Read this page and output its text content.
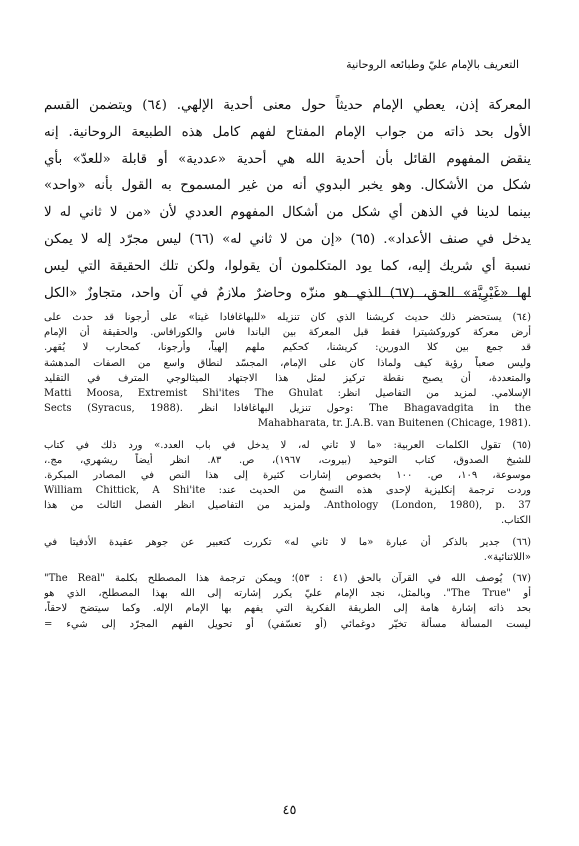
التعريف بالإمام عليّ وطبائعه الروحانية
المعركة إذن، يعطي الإمام حديثاً حول معنى أحدية الإلهي. (٦٤) ويتضمن القسم
الأول بحد ذاته من جواب الإمام المفتاح لفهم كامل هذه الطبيعة الروحانية. إنه
ينقض المفهوم القائل بأن أحدية الله هي أحدية «عددية» أو قابلة «للعدّ» بأي
شكل من الأشكال. وهو يخبر البدوي أنه من غير المسموح به القول بأنه «واحد»
بينما لدينا في الذهن أي شكل من أشكال المفهوم العددي لأن «من لا ثاني له لا
يدخل في صنف الأعداد». (٦٥) «إن من لا ثاني له» (٦٦) ليس مجرّد إله لا يمكن
نسبة أي شريك إليه، كما يود المتكلمون أن يقولوا، ولكن تلك الحقيقة التي ليس
لها «غَيْرِيَّة» الحق، (٦٧) الذي هو منزّه وحاضرٌ ملازمٌ في آن واحد، متجاوزٌ «الكل
(٦٤) يستحضر ذلك حديث كريشنا الذي كان تنزيله «للبهاغافادا غيتا» على أرجونا قد حدث على
أرض معركة كوروكشيترا فقط قبل المعركة بين الباندا فاس والكورافاس. والحقيقة أن الإمام
قد جمع بين كلا الدورين: كريشنا، كحكيم ملهم إلهياً، وأرجونا، كمحارب لا يُقهر.
وليس صعباً رؤية كيف ولماذا كان على الإمام، المجسّد لنطاق واسع من الصفات المدهشة
والمتعددة، أن يصبح نقطة تركيز لمثل هذا الاجتهاد الميثالوجي المترف في التقليد
الإسلامي. لمزيد من التفاصيل انظر: Matti Moosa, Extremist Shi'ites The Ghulat
The Bhagavadgita in the :وحول تنزيل البهاغافادا انظر .Sects (Syracus, 1988)
Mahabharata, tr. J.A.B. van Buitenen (Chicage, 1981).
(٦٥) تقول الكلمات العربية: «ما لا ثاني له، لا يدخل في باب العدد.» ورد ذلك في كتاب
للشيخ الصدوق، كتاب التوحيد (بيروت، ١٩٦٧)، ص. ٨٣. انظر أيضاً ريشهري، مج.،
موسوعة، ١٠٩، ص. ١٠٠ بخصوص إشارات كثيرة إلى هذا النص في المصادر المبكرة.
وردت ترجمة إنكليزية لإحدى هذه النسخ من الحديث عند: William Chittick, A Shi'ite
Anthology (London, 1980), p. 37. ولمزيد من التفاصيل انظر الفصل الثالث من هذا
الكتاب.
(٦٦) جدير بالذكر أن عبارة «ما لا ثاني له» تكررت كتعبير عن جوهر عقيدة الأدفيتا في
«اللاثنائية».
(٦٧) يُوصف الله في القرآن بالحق (٤١ : ٥٣)؛ ويمكن ترجمة هذا المصطلح بكلمة "The Real"
أو "The True". وبالمثل، نجد الإمام عليّ يكرر إشارته إلى الله بهذا المصطلح، الذي هو
بحد ذاته إشارة هامة إلى الطريقة الفكرية التي يفهم بها الإمام الإله. وكما سيتضح لاحقاً،
ليست المسألة مسألة تخيّر دوغمائي (أو تعسّفي) أو تحويل الفهم المجرّد إلى شيء =
٤٥
